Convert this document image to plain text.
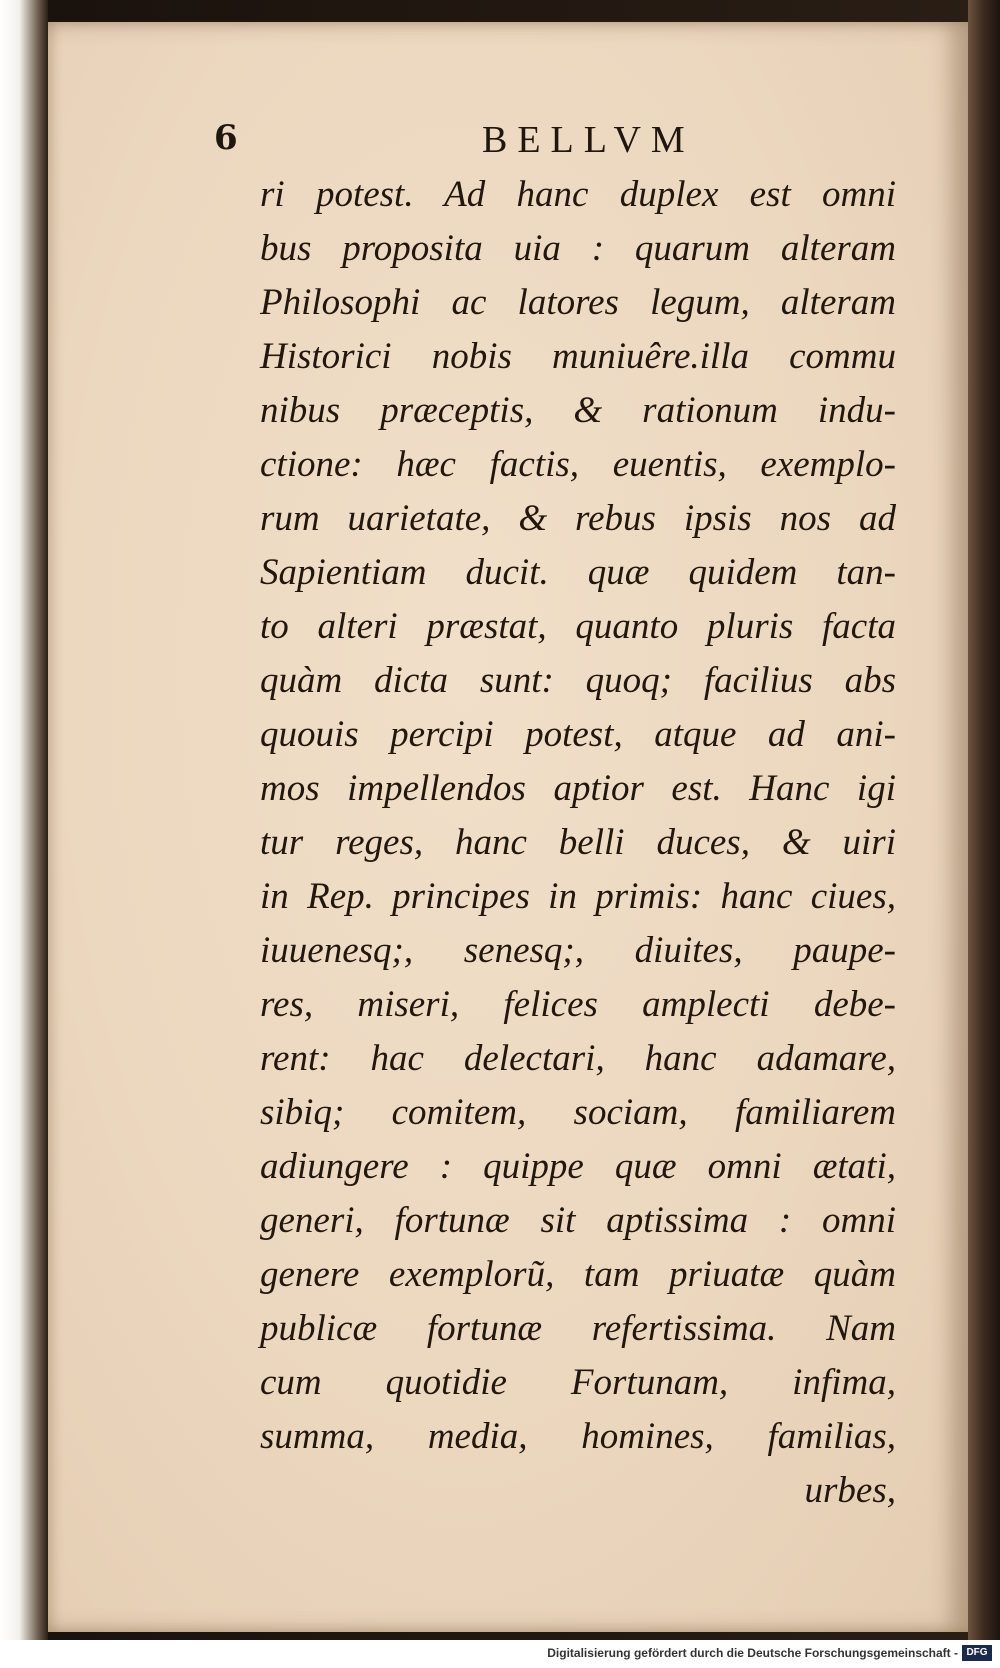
6	BELLVM

ri potest. Ad hanc duplex est omni
bus proposita uia : quarum alteram
Philosophi ac latores legum, alteram
Historici nobis muniuêre.illa commu
nibus præceptis, & rationum indu-
ctione: hæc factis, euentis, exemplo-
rum uarietate, & rebus ipsis nos ad
Sapientiam ducit. quæ quidem tan-
to alteri præstat, quanto pluris facta
quàm dicta sunt: quoq; facilius abs
quouis percipi potest, atque ad ani-
mos impellendos aptior est. Hanc igi
tur reges, hanc belli duces, & uiri
in Rep. principes in primis: hanc ciues,
iuuenesq;, senesq;, diuites, paupe-
res, miseri, felices amplecti debe-
rent: hac delectari, hanc adamare,
sibiq; comitem, sociam, familiarem
adiungere : quippe quæ omni ætati,
generi, fortunæ sit aptissima : omni
genere exemplorũ, tam priuatæ quàm
publicæ fortunæ refertissima. Nam
cum quotidie Fortunam, infima,
summa, media, homines, familias,
urbes,

Digitalisierung gefördert durch die Deutsche Forschungsgemeinschaft - DFG
